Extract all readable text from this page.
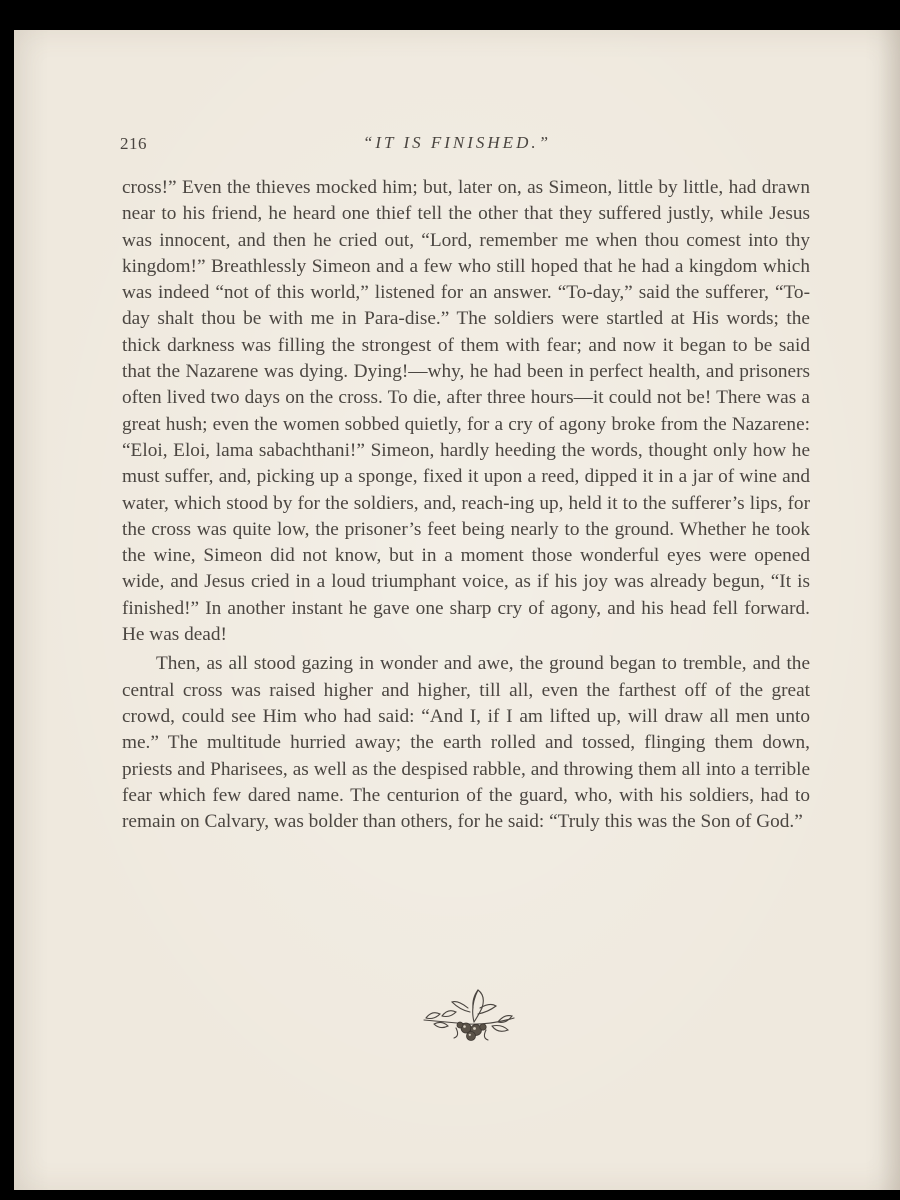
216	“IT IS FINISHED.”

cross!” Even the thieves mocked him; but, later on, as Simeon, little by little, had drawn near to his friend, he heard one thief tell the other that they suffered justly, while Jesus was innocent, and then he cried out, “Lord, remember me when thou comest into thy kingdom!” Breathlessly Simeon and a few who still hoped that he had a kingdom which was indeed “not of this world,” listened for an answer. “To-day,” said the sufferer, “To-day shalt thou be with me in Para-dise.” The soldiers were startled at His words; the thick darkness was filling the strongest of them with fear; and now it began to be said that the Nazarene was dying. Dying!—why, he had been in perfect health, and prisoners often lived two days on the cross. To die, after three hours—it could not be! There was a great hush; even the women sobbed quietly, for a cry of agony broke from the Nazarene: “Eloi, Eloi, lama sabachthani!” Simeon, hardly heeding the words, thought only how he must suffer, and, picking up a sponge, fixed it upon a reed, dipped it in a jar of wine and water, which stood by for the soldiers, and, reach-ing up, held it to the sufferer’s lips, for the cross was quite low, the prisoner’s feet being nearly to the ground. Whether he took the wine, Simeon did not know, but in a moment those wonderful eyes were opened wide, and Jesus cried in a loud triumphant voice, as if his joy was already begun, “It is finished!” In another instant he gave one sharp cry of agony, and his head fell forward. He was dead!

Then, as all stood gazing in wonder and awe, the ground began to tremble, and the central cross was raised higher and higher, till all, even the farthest off of the great crowd, could see Him who had said: “And I, if I am lifted up, will draw all men unto me.” The multitude hurried away; the earth rolled and tossed, flinging them down, priests and Pharisees, as well as the despised rabble, and throwing them all into a terrible fear which few dared name. The centurion of the guard, who, with his soldiers, had to remain on Calvary, was bolder than others, for he said: “Truly this was the Son of God.”
